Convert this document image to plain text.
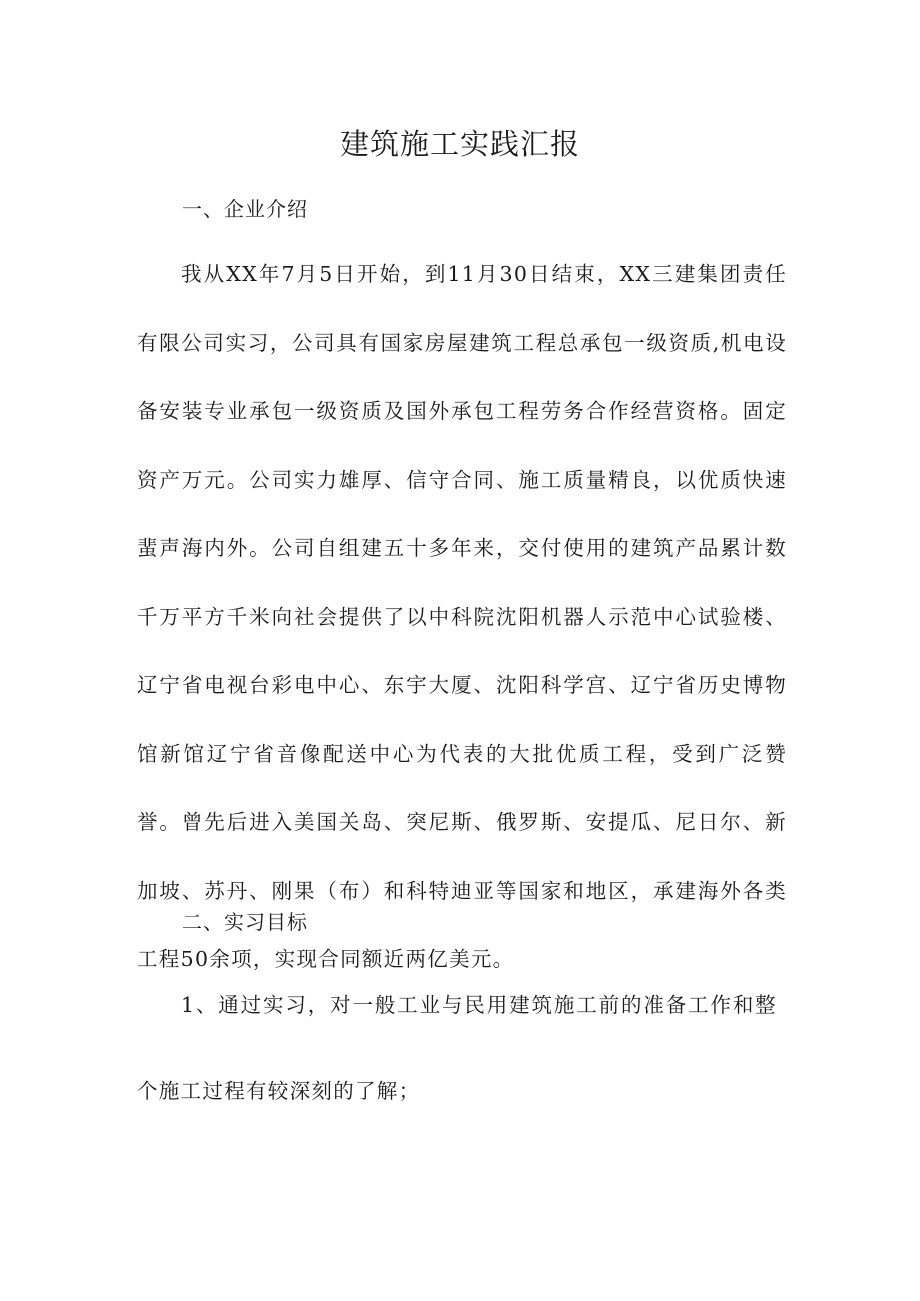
建筑施工实践汇报
一、企业介绍

我从XX年7月5日开始，到11月30日结束，XX三建集团责任有限公司实习，公司具有国家房屋建筑工程总承包一级资质,机电设备安装专业承包一级资质及国外承包工程劳务合作经营资格。固定资产万元。公司实力雄厚、信守合同、施工质量精良，以优质快速蜚声海内外。公司自组建五十多年来，交付使用的建筑产品累计数千万平方千米向社会提供了以中科院沈阳机器人示范中心试验楼、辽宁省电视台彩电中心、东宇大厦、沈阳科学宫、辽宁省历史博物馆新馆辽宁省音像配送中心为代表的大批优质工程，受到广泛赞誉。曾先后进入美国关岛、突尼斯、俄罗斯、安提瓜、尼日尔、新加坡、苏丹、刚果（布）和科特迪亚等国家和地区，承建海外各类工程50余项，实现合同额近两亿美元。

二、实习目标

1、通过实习，对一般工业与民用建筑施工前的准备工作和整个施工过程有较深刻的了解；
